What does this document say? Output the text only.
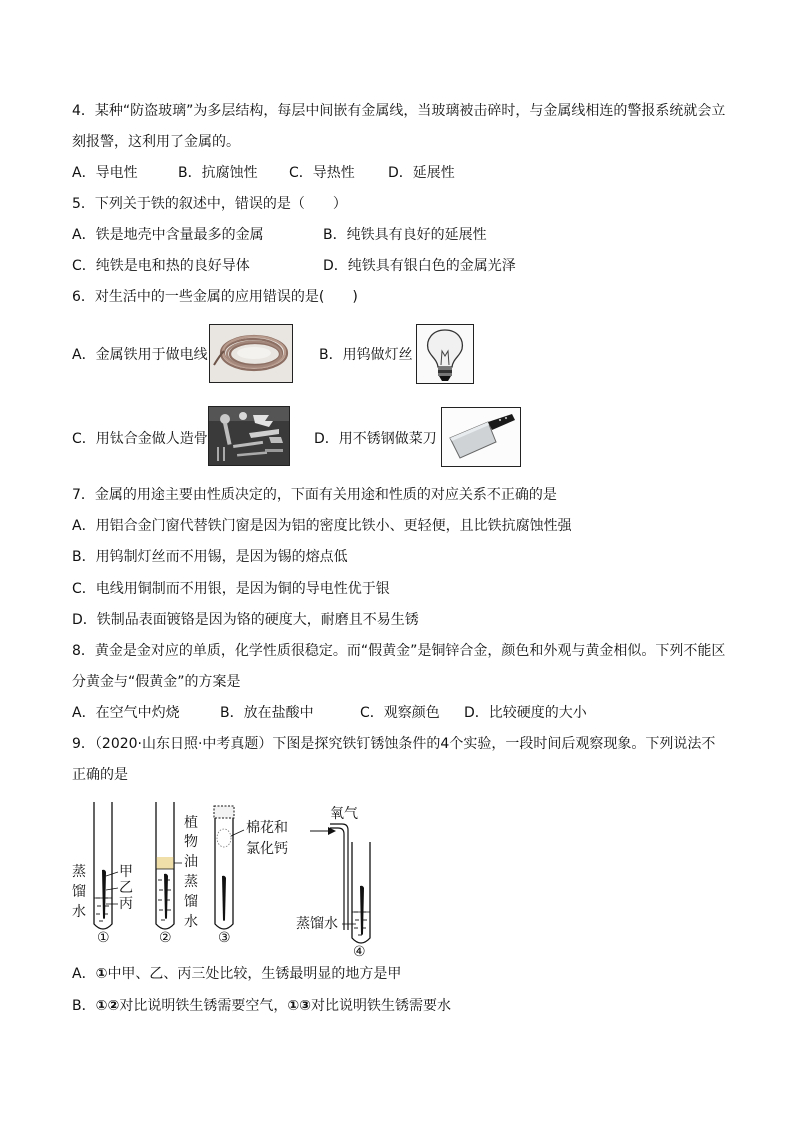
4．某种“防盗玻璃”为多层结构，每层中间嵌有金属线，当玻璃被击碎时，与金属线相连的警报系统就会立
刻报警，这利用了金属的。
A．导电性	B．抗腐蚀性 C．导热性 D．延展性
5．下列关于铁的叙述中，错误的是（　　）
A．铁是地壳中含量最多的金属	B．纯铁具有良好的延展性
C．纯铁是电和热的良好导体	D．纯铁具有银白色的金属光泽
6．对生活中的一些金属的应用错误的是(　　)
A．金属铁用于做电线	B．用钨做灯丝
C．用钛合金做人造骨	D．用不锈钢做菜刀
7．金属的用途主要由性质决定的，下面有关用途和性质的对应关系不正确的是
A．用铝合金门窗代替铁门窗是因为铝的密度比铁小、更轻便，且比铁抗腐蚀性强
B．用钨制灯丝而不用锡，是因为锡的熔点低
C．电线用铜制而不用银，是因为铜的导电性优于银
D．铁制品表面镀铬是因为铬的硬度大，耐磨且不易生锈
8．黄金是金对应的单质，化学性质很稳定。而“假黄金”是铜锌合金，颜色和外观与黄金相似。下列不能区
分黄金与“假黄金”的方案是
A．在空气中灼烧	B．放在盐酸中	C．观察颜色 D．比较硬度的大小
9．（2020·山东日照·中考真题）下图是探究铁钉锈蚀条件的4个实验，一段时间后观察现象。下列说法不
正确的是
甲
乙
丙
蒸
馏
水
①
植
物
油
蒸
馏
水
②
棉花和
氯化钙
③
氧气
蒸馏水
④
A．①中甲、乙、丙三处比较，生锈最明显的地方是甲
B．①②对比说明铁生锈需要空气，①③对比说明铁生锈需要水
